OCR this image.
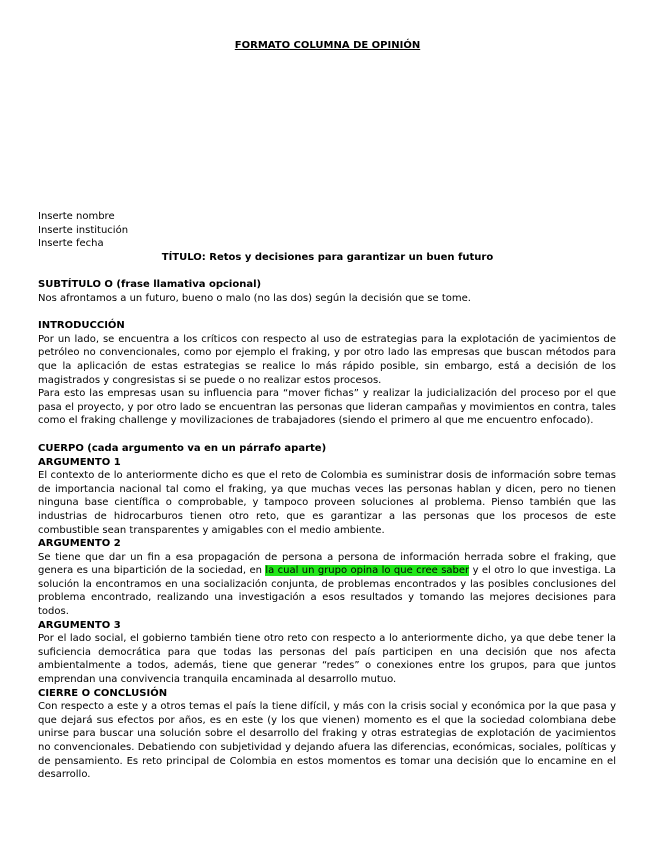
FORMATO COLUMNA DE OPINIÓN
Inserte nombre
Inserte institución
Inserte fecha
TÍTULO: Retos y decisiones para garantizar un buen futuro
SUBTÍTULO O (frase llamativa opcional)

Nos afrontamos a un futuro, bueno o malo (no las dos) según la decisión que se tome.

INTRODUCCIÓN

Por un lado, se encuentra a los críticos con respecto al uso de estrategias para la explotación de yacimientos de petróleo no convencionales, como por ejemplo el fraking, y por otro lado las empresas que buscan métodos para que la aplicación de estas estrategias se realice lo más rápido posible, sin embargo, está a decisión de los magistrados y congresistas si se puede o no realizar estos procesos.

Para esto las empresas usan su influencia para “mover fichas” y realizar la judicialización del proceso por el que pasa el proyecto, y por otro lado se encuentran las personas que lideran campañas y movimientos en contra, tales como el fraking challenge y movilizaciones de trabajadores (siendo el primero al que me encuentro enfocado).

CUERPO (cada argumento va en un párrafo aparte)
ARGUMENTO 1

El contexto de lo anteriormente dicho es que el reto de Colombia es suministrar dosis de información sobre temas de importancia nacional tal como el fraking, ya que muchas veces las personas hablan y dicen, pero no tienen ninguna base científica o comprobable, y tampoco proveen soluciones al problema. Pienso también que las industrias de hidrocarburos tienen otro reto, que es garantizar a las personas que los procesos de este combustible sean transparentes y amigables con el medio ambiente.

ARGUMENTO 2

Se tiene que dar un fin a esa propagación de persona a persona de información herrada sobre el fraking, que genera es una bipartición de la sociedad, en la cual un grupo opina lo que cree saber y el otro lo que investiga. La solución la encontramos en una socialización conjunta, de problemas encontrados y las posibles conclusiones del problema encontrado, realizando una investigación a esos resultados y tomando las mejores decisiones para todos.

ARGUMENTO 3

Por el lado social, el gobierno también tiene otro reto con respecto a lo anteriormente dicho, ya que debe tener la suficiencia democrática para que todas las personas del país participen en una decisión que nos afecta ambientalmente a todos, además, tiene que generar “redes” o conexiones entre los grupos, para que juntos emprendan una convivencia tranquila encaminada al desarrollo mutuo.

CIERRE O CONCLUSIÓN

Con respecto a este y a otros temas el país la tiene difícil, y más con la crisis social y económica por la que pasa y que dejará sus efectos por años, es en este (y los que vienen) momento es el que la sociedad colombiana debe unirse para buscar una solución sobre el desarrollo del fraking y otras estrategias de explotación de yacimientos no convencionales. Debatiendo con subjetividad y dejando afuera las diferencias, económicas, sociales, políticas y de pensamiento. Es reto principal de Colombia en estos momentos es tomar una decisión que lo encamine en el desarrollo.
